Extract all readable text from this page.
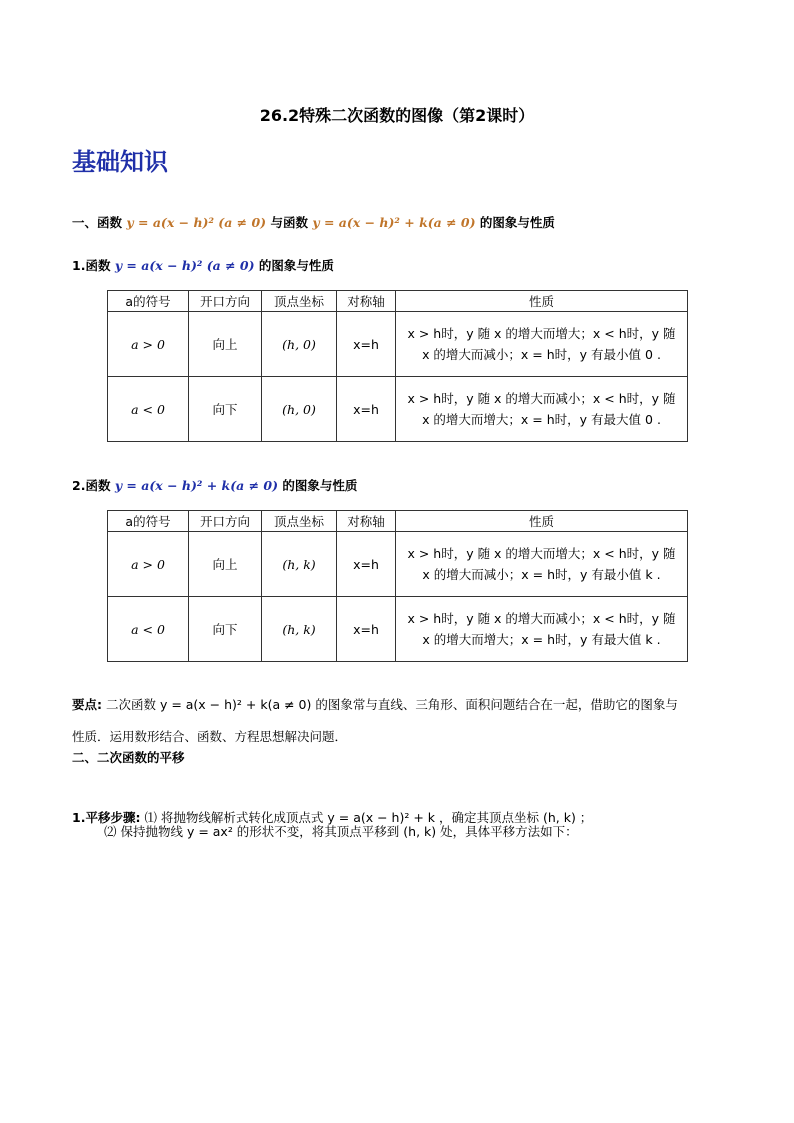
26.2特殊二次函数的图像（第2课时）
基础知识
一、函数 y = a(x − h)² (a ≠ 0) 与函数 y = a(x − h)² + k(a ≠ 0) 的图象与性质
1.函数 y = a(x − h)² (a ≠ 0) 的图象与性质
a的符号	开口方向	顶点坐标	对称轴	性质
a > 0	向上	(h, 0)	x=h	x > h时，y 随 x 的增大而增大；x < h时，y 随 x 的增大而减小；x = h时，y 有最小值 0 .
a < 0	向下	(h, 0)	x=h	x > h时，y 随 x 的增大而减小；x < h时，y 随 x 的增大而增大；x = h时，y 有最大值 0 .
2.函数 y = a(x − h)² + k(a ≠ 0) 的图象与性质
a的符号	开口方向	顶点坐标	对称轴	性质
a > 0	向上	(h, k)	x=h	x > h时，y 随 x 的增大而增大；x < h时，y 随 x 的增大而减小；x = h时，y 有最小值 k .
a < 0	向下	(h, k)	x=h	x > h时，y 随 x 的增大而减小；x < h时，y 随 x 的增大而增大；x = h时，y 有最大值 k .
要点: 二次函数 y = a(x − h)² + k(a ≠ 0) 的图象常与直线、三角形、面积问题结合在一起，借助它的图象与
性质．运用数形结合、函数、方程思想解决问题．
二、二次函数的平移
1.平移步骤: ⑴ 将抛物线解析式转化成顶点式 y = a(x − h)² + k ，确定其顶点坐标 (h, k) ；
⑵ 保持抛物线 y = ax² 的形状不变，将其顶点平移到 (h, k) 处，具体平移方法如下：
